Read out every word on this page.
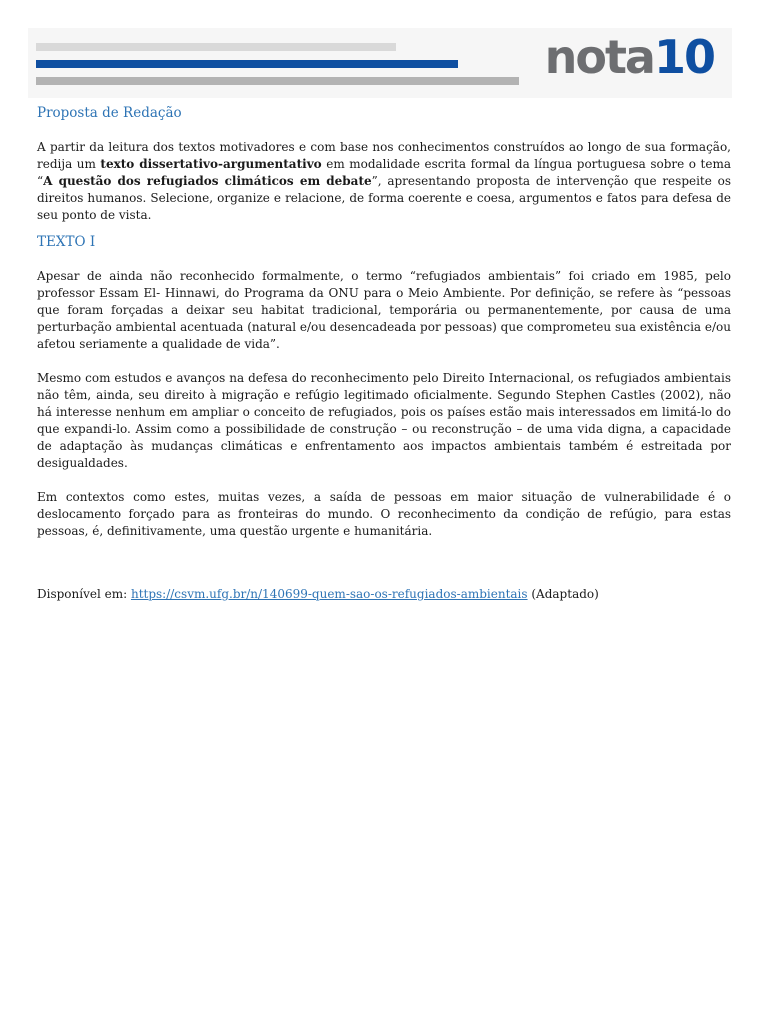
nota10

Proposta de Redação

A partir da leitura dos textos motivadores e com base nos conhecimentos construídos ao longo de sua formação, redija um texto dissertativo-argumentativo em modalidade escrita formal da língua portuguesa sobre o tema “A questão dos refugiados climáticos em debate”, apresentando proposta de intervenção que respeite os direitos humanos. Selecione, organize e relacione, de forma coerente e coesa, argumentos e fatos para defesa de seu ponto de vista.

TEXTO I

Apesar de ainda não reconhecido formalmente, o termo “refugiados ambientais” foi criado em 1985, pelo professor Essam El- Hinnawi, do Programa da ONU para o Meio Ambiente. Por definição, se refere às “pessoas que foram forçadas a deixar seu habitat tradicional, temporária ou permanentemente, por causa de uma perturbação ambiental acentuada (natural e/ou desencadeada por pessoas) que comprometeu sua existência e/ou afetou seriamente a qualidade de vida”.

Mesmo com estudos e avanços na defesa do reconhecimento pelo Direito Internacional, os refugiados ambientais não têm, ainda, seu direito à migração e refúgio legitimado oficialmente. Segundo Stephen Castles (2002), não há interesse nenhum em ampliar o conceito de refugiados, pois os países estão mais interessados em limitá-lo do que expandi-lo. Assim como a possibilidade de construção – ou reconstrução – de uma vida digna, a capacidade de adaptação às mudanças climáticas e enfrentamento aos impactos ambientais também é estreitada por desigualdades.

Em contextos como estes, muitas vezes, a saída de pessoas em maior situação de vulnerabilidade é o deslocamento forçado para as fronteiras do mundo. O reconhecimento da condição de refúgio, para estas pessoas, é, definitivamente, uma questão urgente e humanitária.

Disponível em: https://csvm.ufg.br/n/140699-quem-sao-os-refugiados-ambientais (Adaptado)
